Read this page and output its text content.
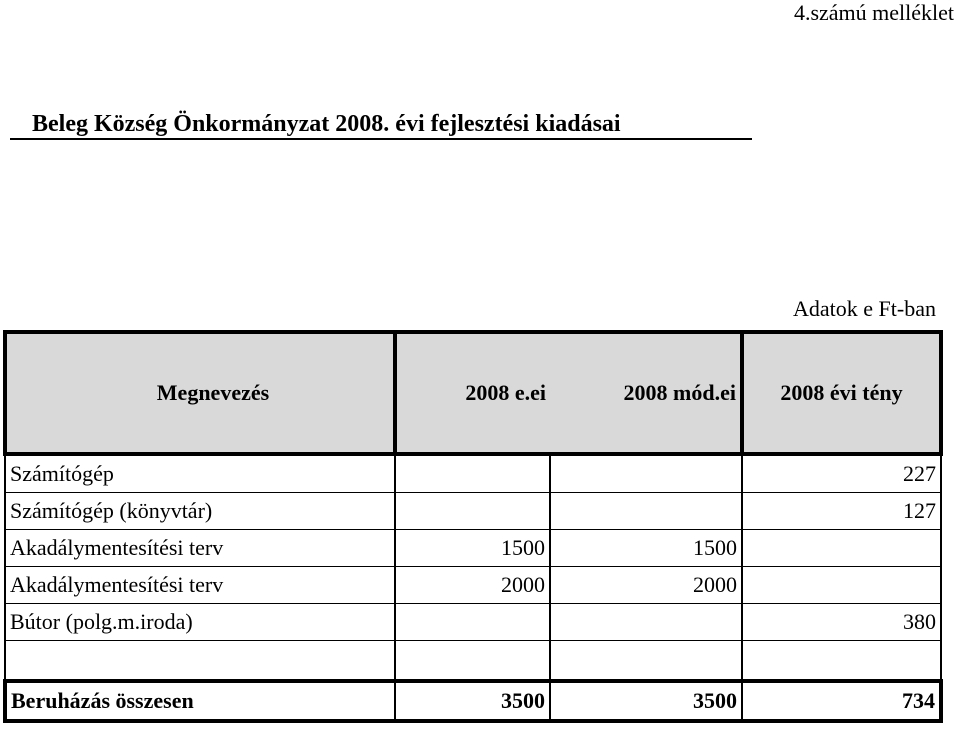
4.számú melléklet
Beleg Község Önkormányzat 2008. évi fejlesztési kiadásai
Adatok e Ft-ban
Megnevezés	2008 e.ei	2008 mód.ei	2008 évi tény
Számítógép			227
Számítógép (könyvtár)			127
Akadálymentesítési terv	1500	1500	
Akadálymentesítési terv	2000	2000	
Bútor (polg.m.iroda)			380

Beruházás összesen	3500	3500	734
